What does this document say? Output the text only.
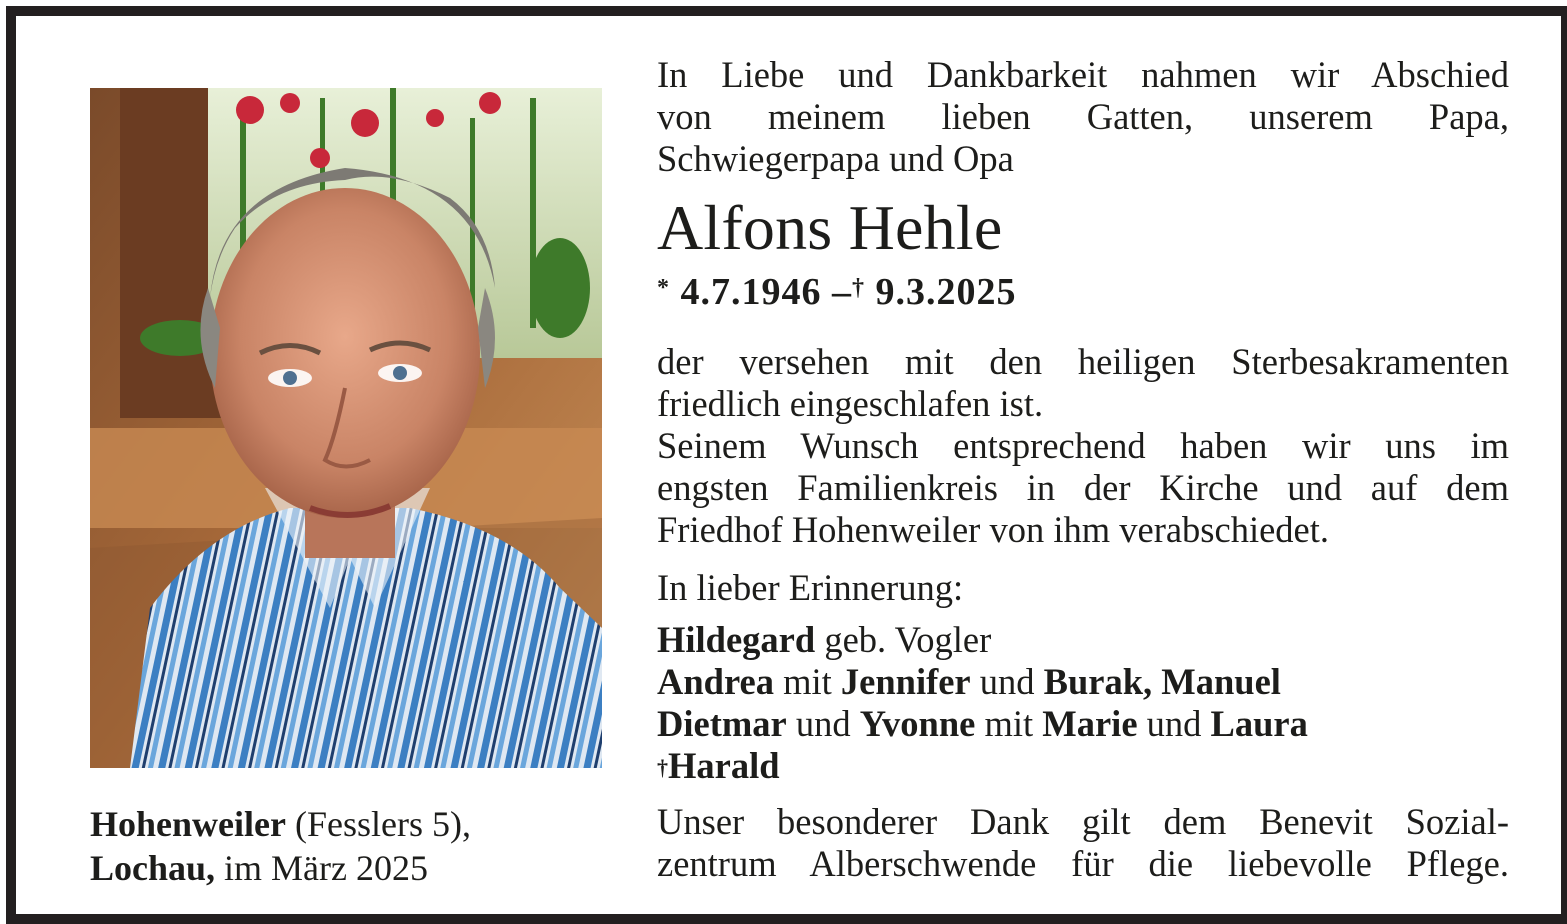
Hohenweiler (Fesslers 5),
Lochau, im März 2025
In Liebe und Dankbarkeit nahmen wir Abschied
von meinem lieben Gatten, unserem Papa,
Schwiegerpapa und Opa
Alfons Hehle
* 4.7.1946 –† 9.3.2025
der versehen mit den heiligen Sterbesakramenten
friedlich eingeschlafen ist.
Seinem Wunsch entsprechend haben wir uns im
engsten Familienkreis in der Kirche und auf dem
Friedhof Hohenweiler von ihm verabschiedet.
In lieber Erinnerung:
Hildegard geb. Vogler
Andrea mit Jennifer und Burak, Manuel
Dietmar und Yvonne mit Marie und Laura
†Harald
Unser besonderer Dank gilt dem Benevit Sozial-
zentrum Alberschwende für die liebevolle Pflege.
